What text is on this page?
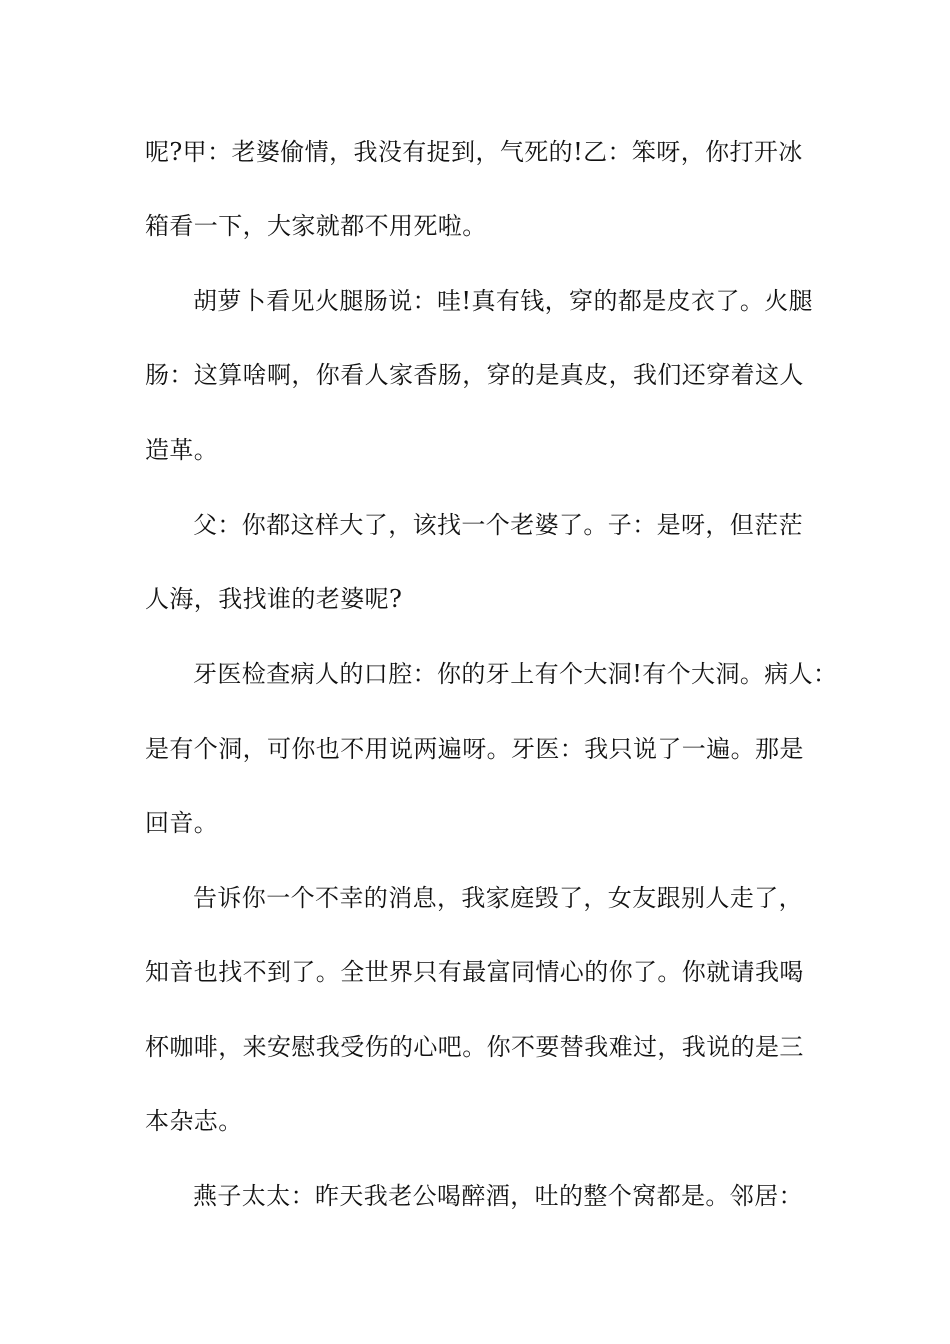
呢?甲：老婆偷情，我没有捉到，气死的!乙：笨呀，你打开冰

箱看一下，大家就都不用死啦。

胡萝卜看见火腿肠说：哇!真有钱，穿的都是皮衣了。火腿

肠：这算啥啊，你看人家香肠，穿的是真皮，我们还穿着这人

造革。

父：你都这样大了，该找一个老婆了。子：是呀，但茫茫

人海，我找谁的老婆呢?

牙医检查病人的口腔：你的牙上有个大洞!有个大洞。病人：

是有个洞，可你也不用说两遍呀。牙医：我只说了一遍。那是

回音。

告诉你一个不幸的消息，我家庭毁了，女友跟别人走了，

知音也找不到了。全世界只有最富同情心的你了。你就请我喝

杯咖啡，来安慰我受伤的心吧。你不要替我难过，我说的是三

本杂志。

燕子太太：昨天我老公喝醉酒，吐的整个窝都是。邻居：
